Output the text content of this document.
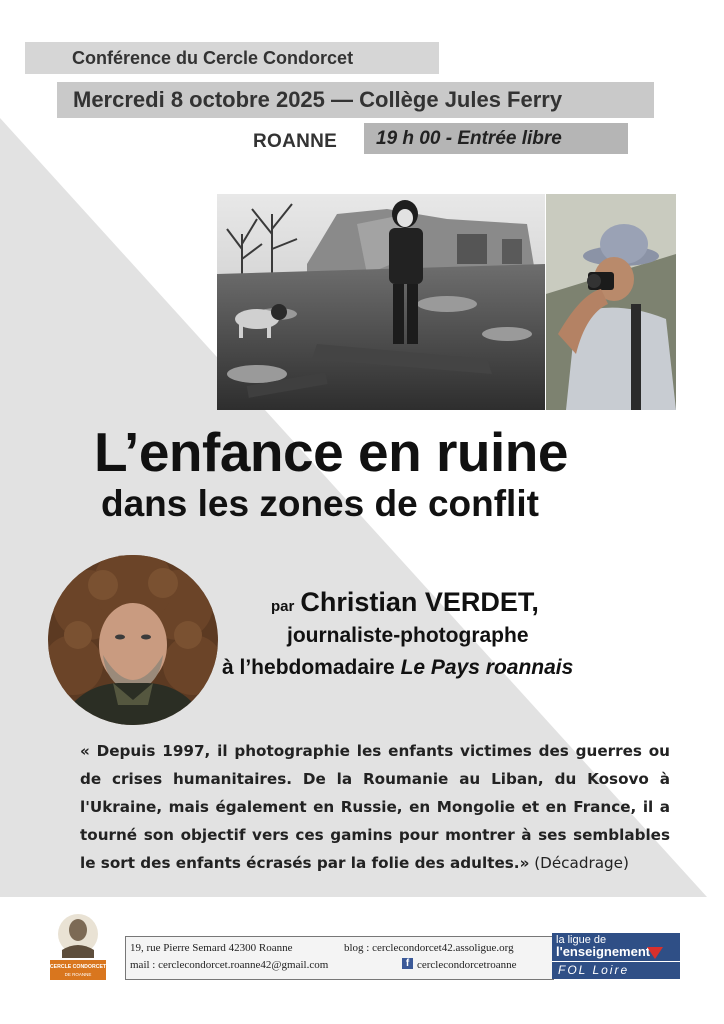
Conférence du Cercle Condorcet
Mercredi 8 octobre 2025 — Collège Jules Ferry
ROANNE	19 h 00 - Entrée libre
L’enfance en ruine
dans les zones de conflit
par Christian VERDET,
journaliste-photographe
à l’hebdomadaire Le Pays roannais
« Depuis 1997, il photographie les enfants victimes des guerres ou de crises humanitaires. De la Roumanie au Liban, du Kosovo à l'Ukraine, mais également en Russie, en Mongolie et en France, il a tourné son objectif vers ces gamins pour montrer à ses semblables le sort des enfants écrasés par la folie des adultes.» (Décadrage)
CERCLE CONDORCET
DE ROANNE
19, rue Pierre Semard 42300 Roanne	blog : cerclecondorcet42.assoligue.org
mail : cerclecondorcet.roanne42@gmail.com	f cerclecondorcetroanne
la ligue de
l'enseignement
FOL Loire
